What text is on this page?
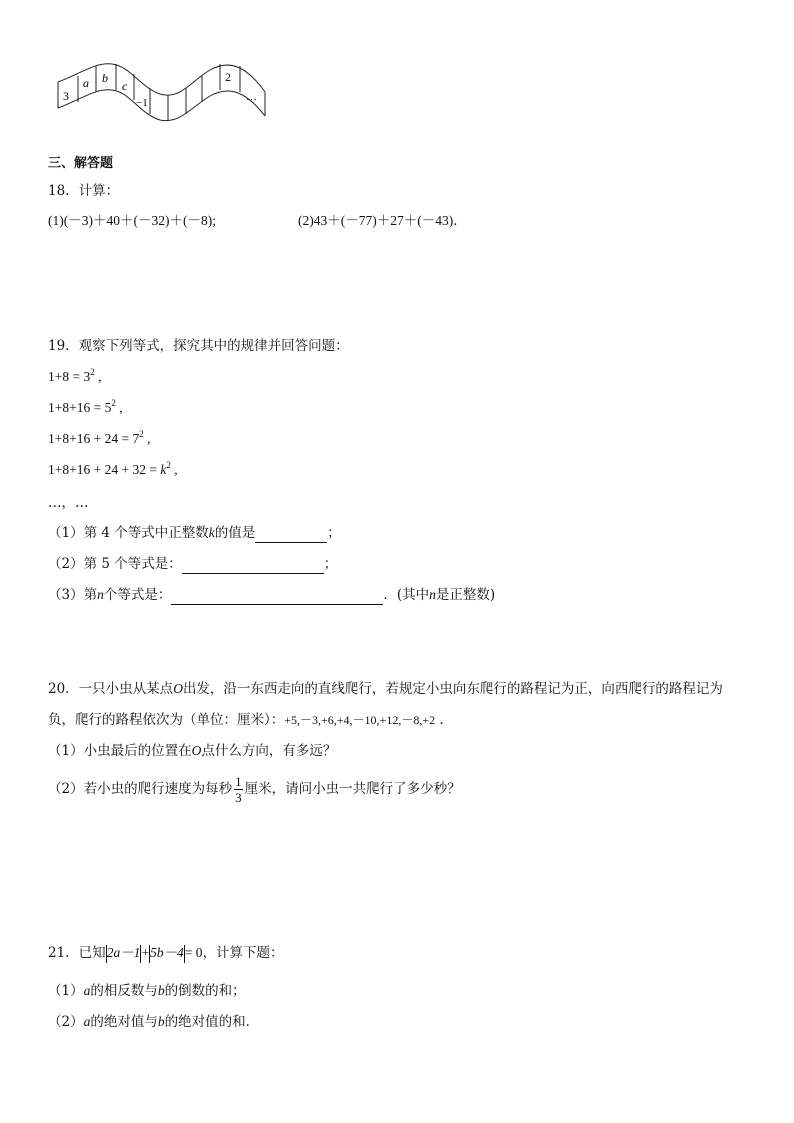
3
a b
c
−1
2
…
三、解答题
18．计算：
(1)(－3)＋40＋(－32)＋(－8);	(2)43＋(－77)＋27＋(－43)．
19．观察下列等式，探究其中的规律并回答问题：
$1+8 = 3^2$ ,
$1+8+16 = 5^2$ ,
$1+8+16 + 24 = 7^2$ ,
$1+8+16 + 24 + 32 = k^2$ ,
…，…
（1）第 4 个等式中正整数k的值是	；
（2）第 5 个等式是：	；
（3）第n个等式是：	．(其中n是正整数)
20．一只小虫从某点O出发，沿一东西走向的直线爬行，若规定小虫向东爬行的路程记为正，向西爬行的路程记为
负，爬行的路程依次为（单位：厘米）：+5,－3,+6,+4,－10,+12,－8,+2 .
（1）小虫最后的位置在O点什么方向，有多远？
（2）若小虫的爬行速度为每秒 $\frac{1}{3}$ 厘米，请问小虫一共爬行了多少秒？
21．已知2a－1+5b－4= 0，计算下题：
（1）a的相反数与b的倒数的和；
（2）a的绝对值与b的绝对值的和．
